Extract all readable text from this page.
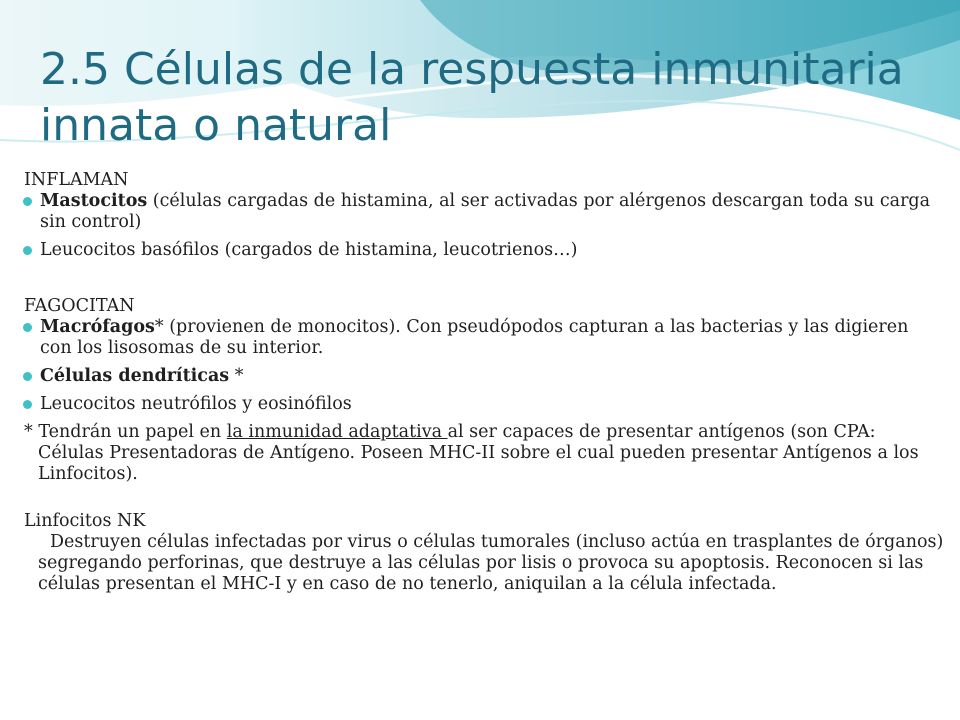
2.5 Células de la respuesta inmunitaria innata o natural

INFLAMAN

Mastocitos (células cargadas de histamina, al ser activadas por alérgenos descargan toda su carga sin control)
Leucocitos basófilos (cargados de histamina, leucotrienos…)

FAGOCITAN

Macrófagos* (provienen de monocitos). Con pseudópodos capturan a las bacterias y las digieren con los lisosomas de su interior.
Células dendríticas *
Leucocitos neutrófilos y eosinófilos

* Tendrán un papel en la inmunidad adaptativa al ser capaces de presentar antígenos (son CPA: Células Presentadoras de Antígeno. Poseen MHC-II sobre el cual pueden presentar Antígenos a los Linfocitos).

Linfocitos NK

Destruyen células infectadas por virus o células tumorales (incluso actúa en trasplantes de órganos) segregando perforinas, que destruye a las células por lisis o provoca su apoptosis. Reconocen si las células presentan el MHC-I y en caso de no tenerlo, aniquilan a la célula infectada.
